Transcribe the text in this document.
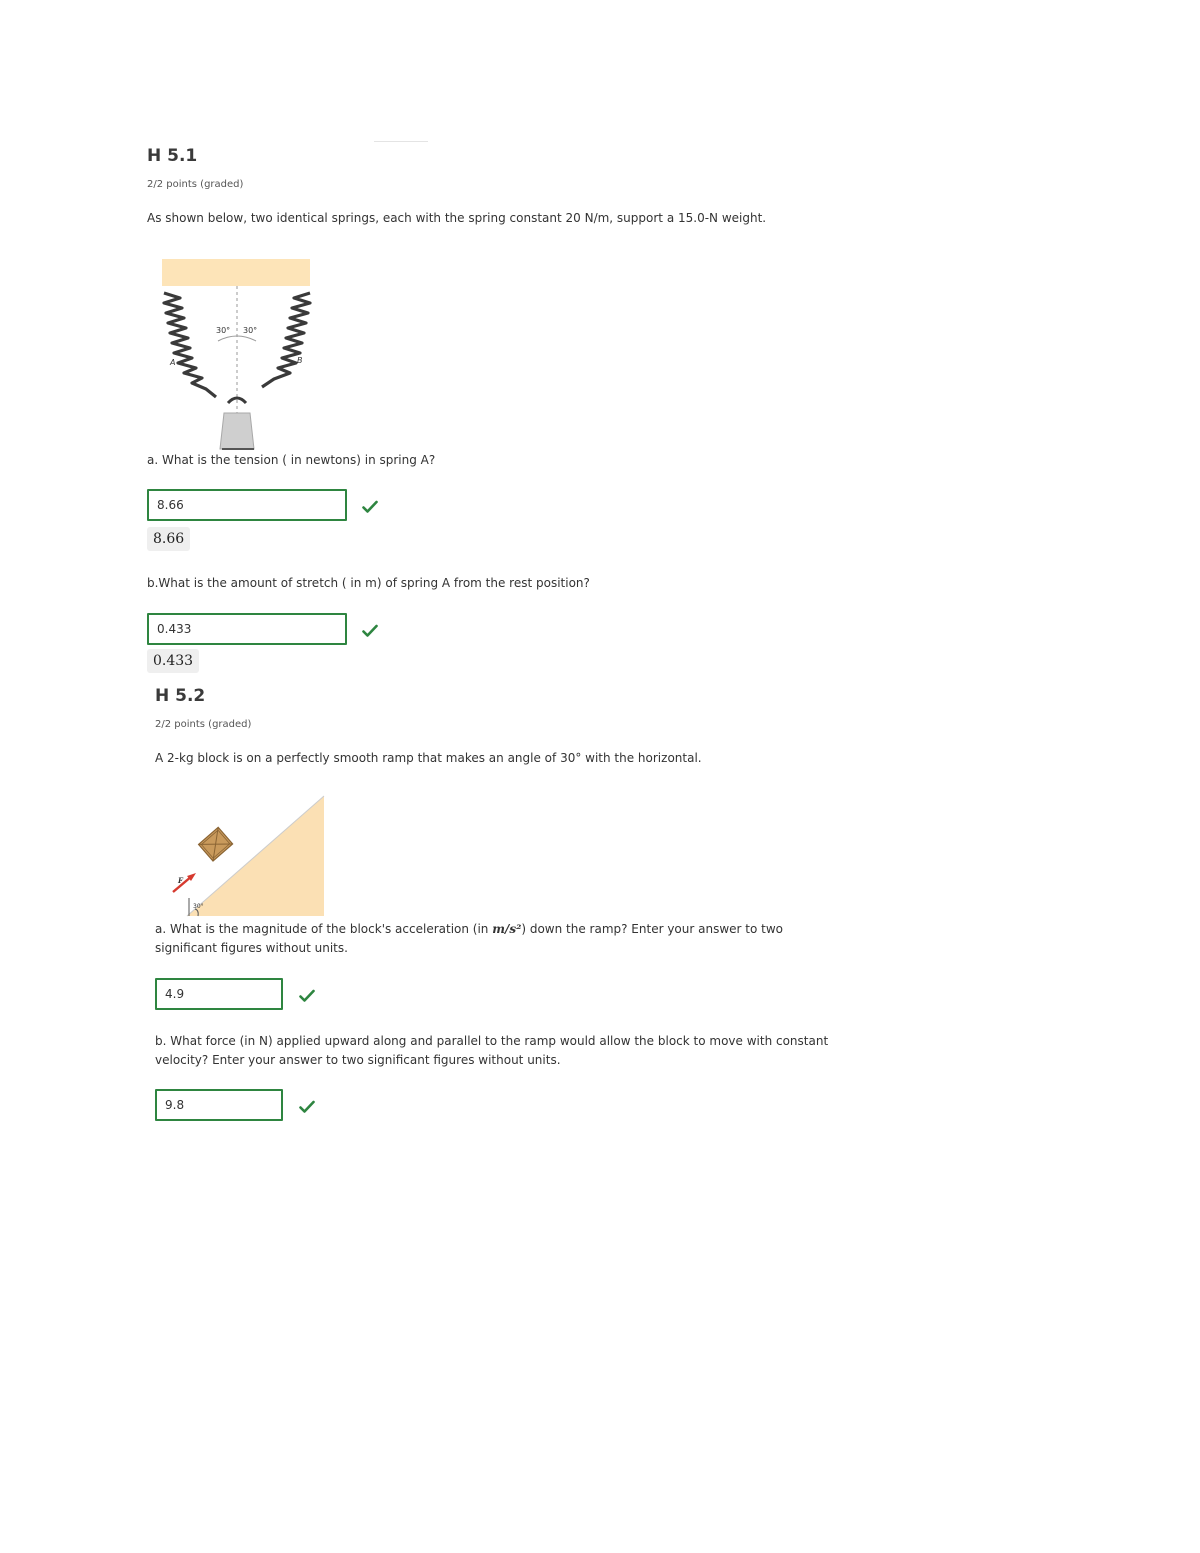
H 5.1
2/2 points (graded)
As shown below, two identical springs, each with the spring constant 20 N/m, support a 15.0-N weight.
30° 30°
A	B
a. What is the tension ( in newtons) in spring A?
8.66
8.66
b.What is the amount of stretch ( in m) of spring A from the rest position?
0.433
0.433
H 5.2
2/2 points (graded)
A 2-kg block is on a perfectly smooth ramp that makes an angle of 30° with the horizontal.
30°
F
a. What is the magnitude of the block's acceleration (in m/s²) down the ramp? Enter your answer to two
significant figures without units.
4.9
b. What force (in N) applied upward along and parallel to the ramp would allow the block to move with constant
velocity? Enter your answer to two significant figures without units.
9.8
